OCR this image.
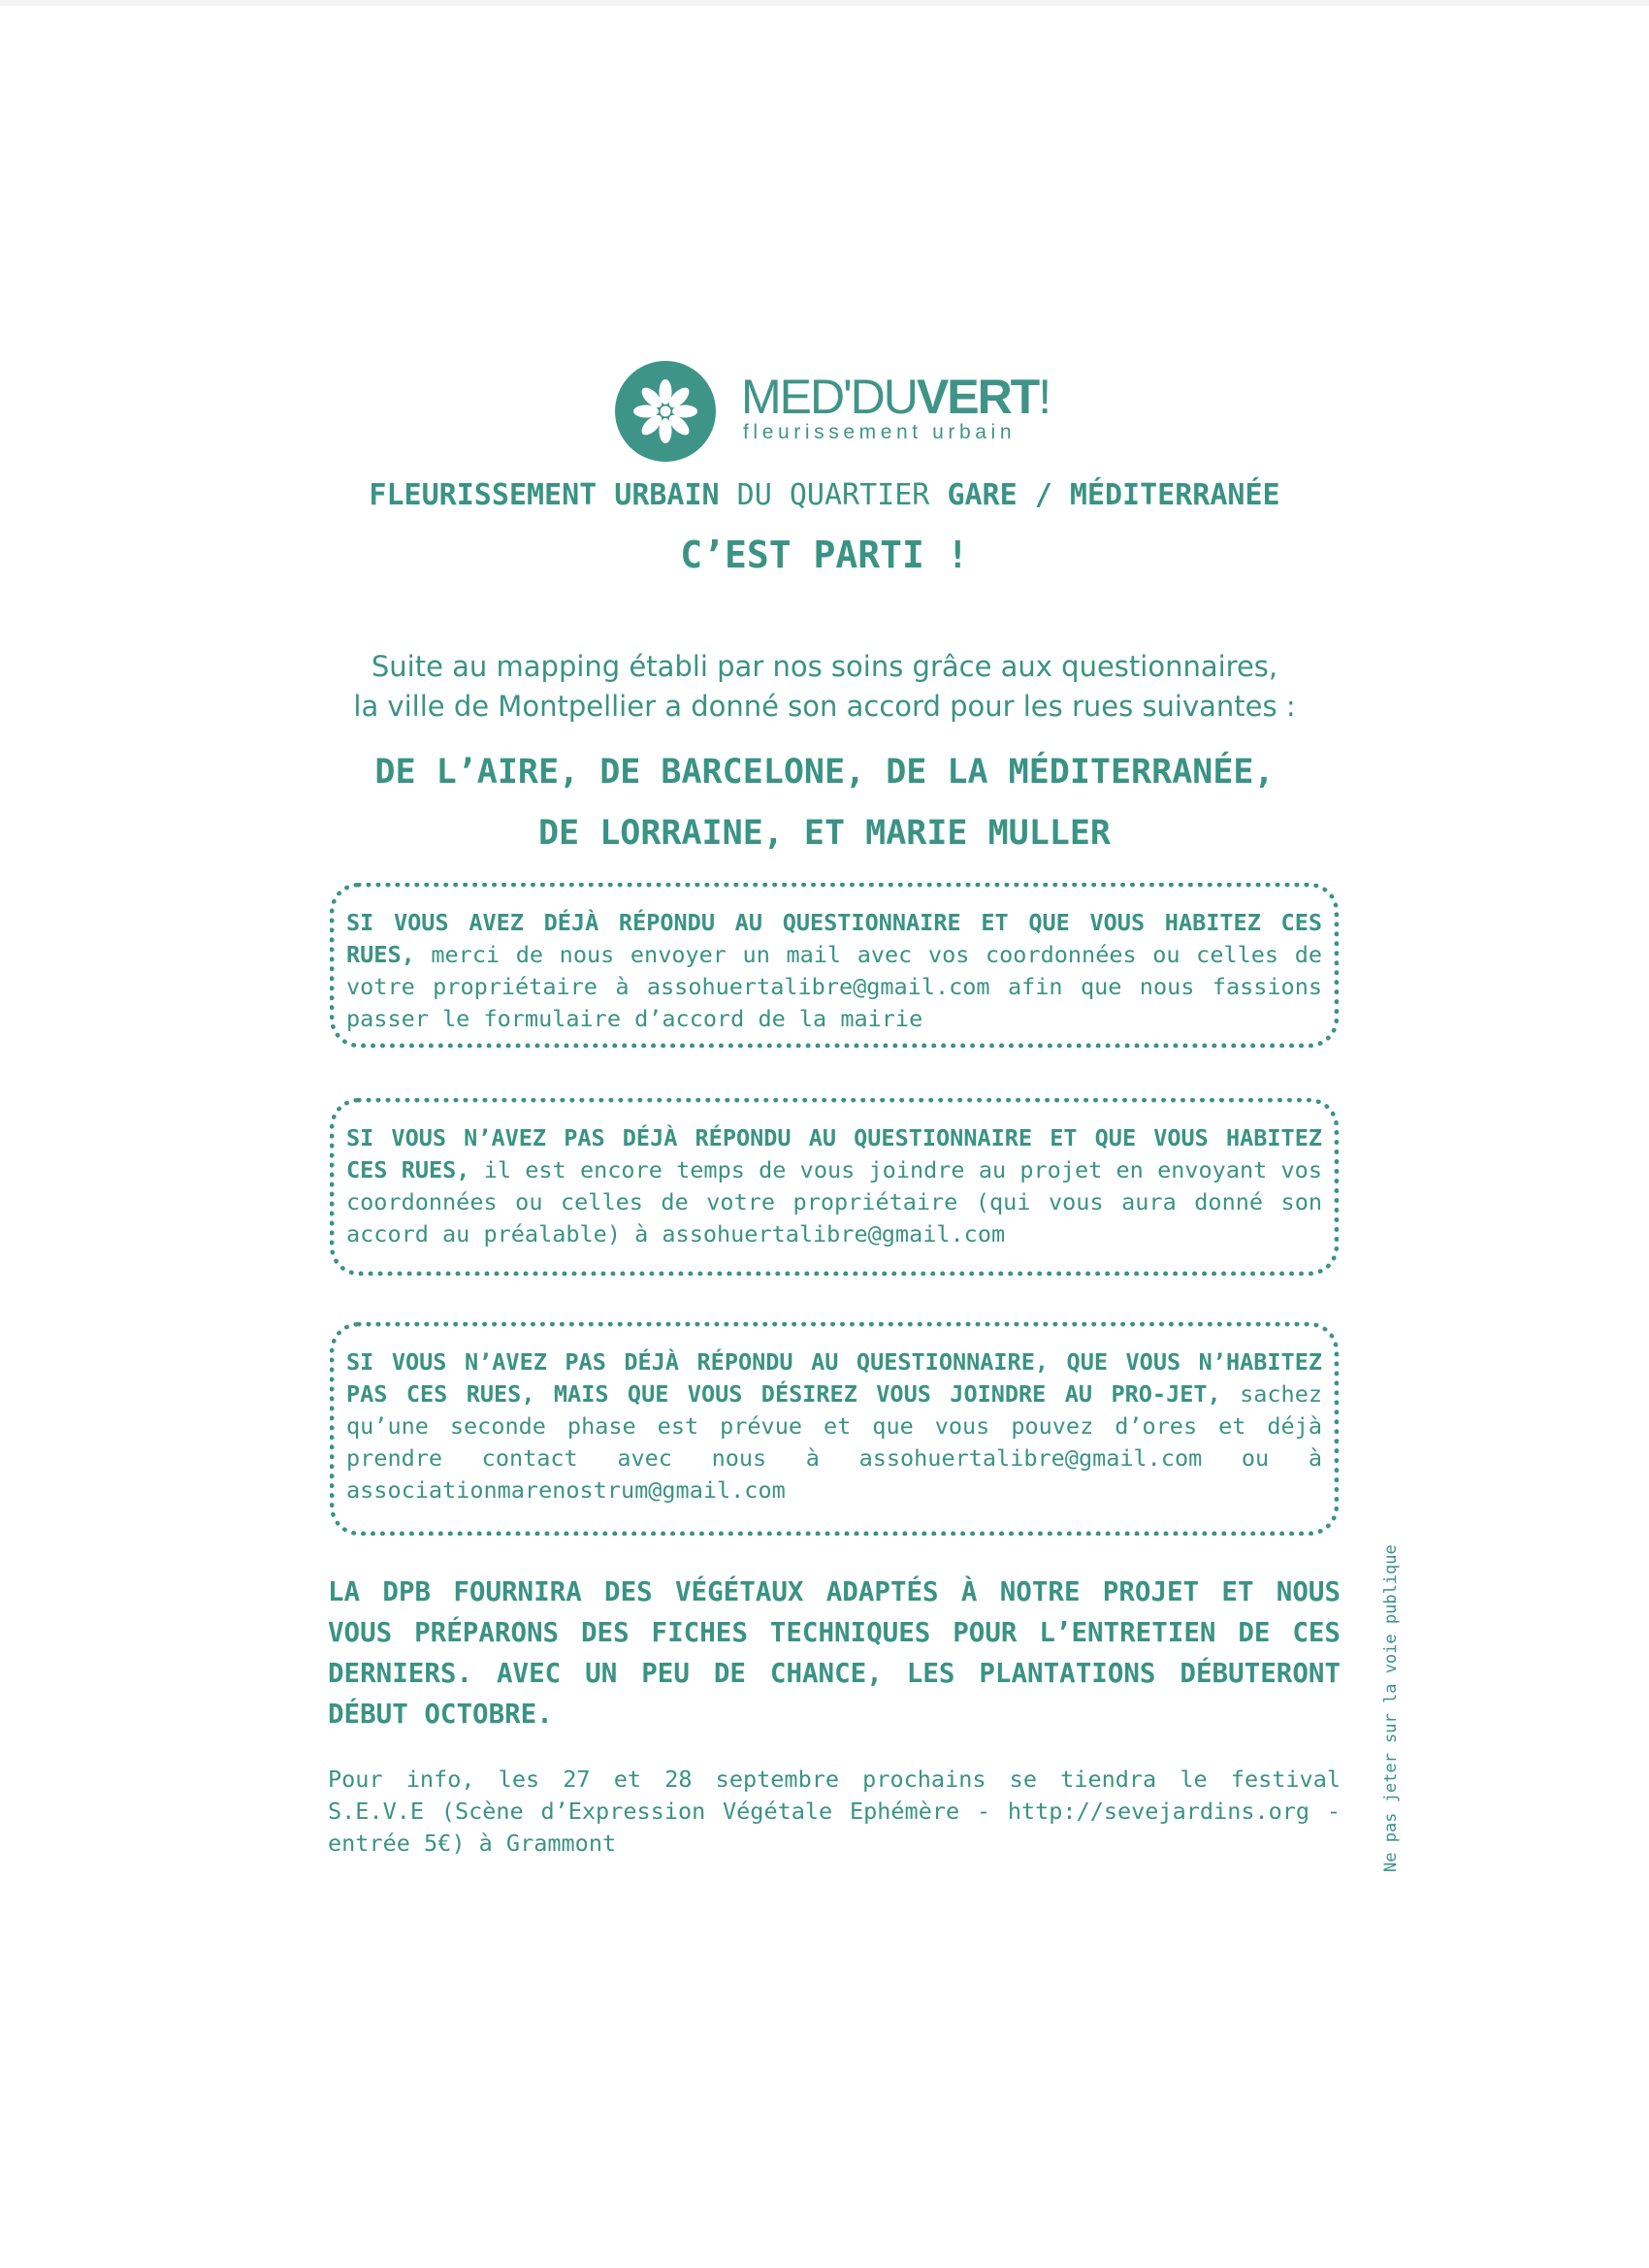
MED'DUVERT!
fleurissement urbain
FLEURISSEMENT URBAIN DU QUARTIER GARE / MÉDITERRANÉE
C’EST PARTI !
Suite au mapping établi par nos soins grâce aux questionnaires,
la ville de Montpellier a donné son accord pour les rues suivantes :
DE L’AIRE, DE BARCELONE, DE LA MÉDITERRANÉE,
DE LORRAINE, ET MARIE MULLER
SI VOUS AVEZ DÉJÀ RÉPONDU AU QUESTIONNAIRE ET QUE VOUS HABITEZ CES RUES, merci de nous envoyer un mail avec vos coordonnées ou celles de votre propriétaire à assohuertalibre@gmail.com afin que nous fassions passer le formulaire d’accord de la mairie
SI VOUS N’AVEZ PAS DÉJÀ RÉPONDU AU QUESTIONNAIRE ET QUE VOUS HABITEZ CES RUES, il est encore temps de vous joindre au projet en envoyant vos coordonnées ou celles de votre propriétaire (qui vous aura donné son accord au préalable) à assohuertalibre@gmail.com
SI VOUS N’AVEZ PAS DÉJÀ RÉPONDU AU QUESTIONNAIRE, QUE VOUS N’HABITEZ PAS CES RUES, MAIS QUE VOUS DÉSIREZ VOUS JOINDRE AU PRO-JET, sachez qu’une seconde phase est prévue et que vous pouvez d’ores et déjà prendre contact avec nous à assohuertalibre@gmail.com ou à associationmarenostrum@gmail.com
LA DPB FOURNIRA DES VÉGÉTAUX ADAPTÉS À NOTRE PROJET ET NOUS VOUS PRÉPARONS DES FICHES TECHNIQUES POUR L’ENTRETIEN DE CES DERNIERS. AVEC UN PEU DE CHANCE, LES PLANTATIONS DÉBUTERONT DÉBUT OCTOBRE.
Pour info, les 27 et 28 septembre prochains se tiendra le festival S.E.V.E (Scène d’Expression Végétale Ephémère - http://sevejardins.org - entrée 5€) à Grammont	Ne pas jeter sur la voie publique
